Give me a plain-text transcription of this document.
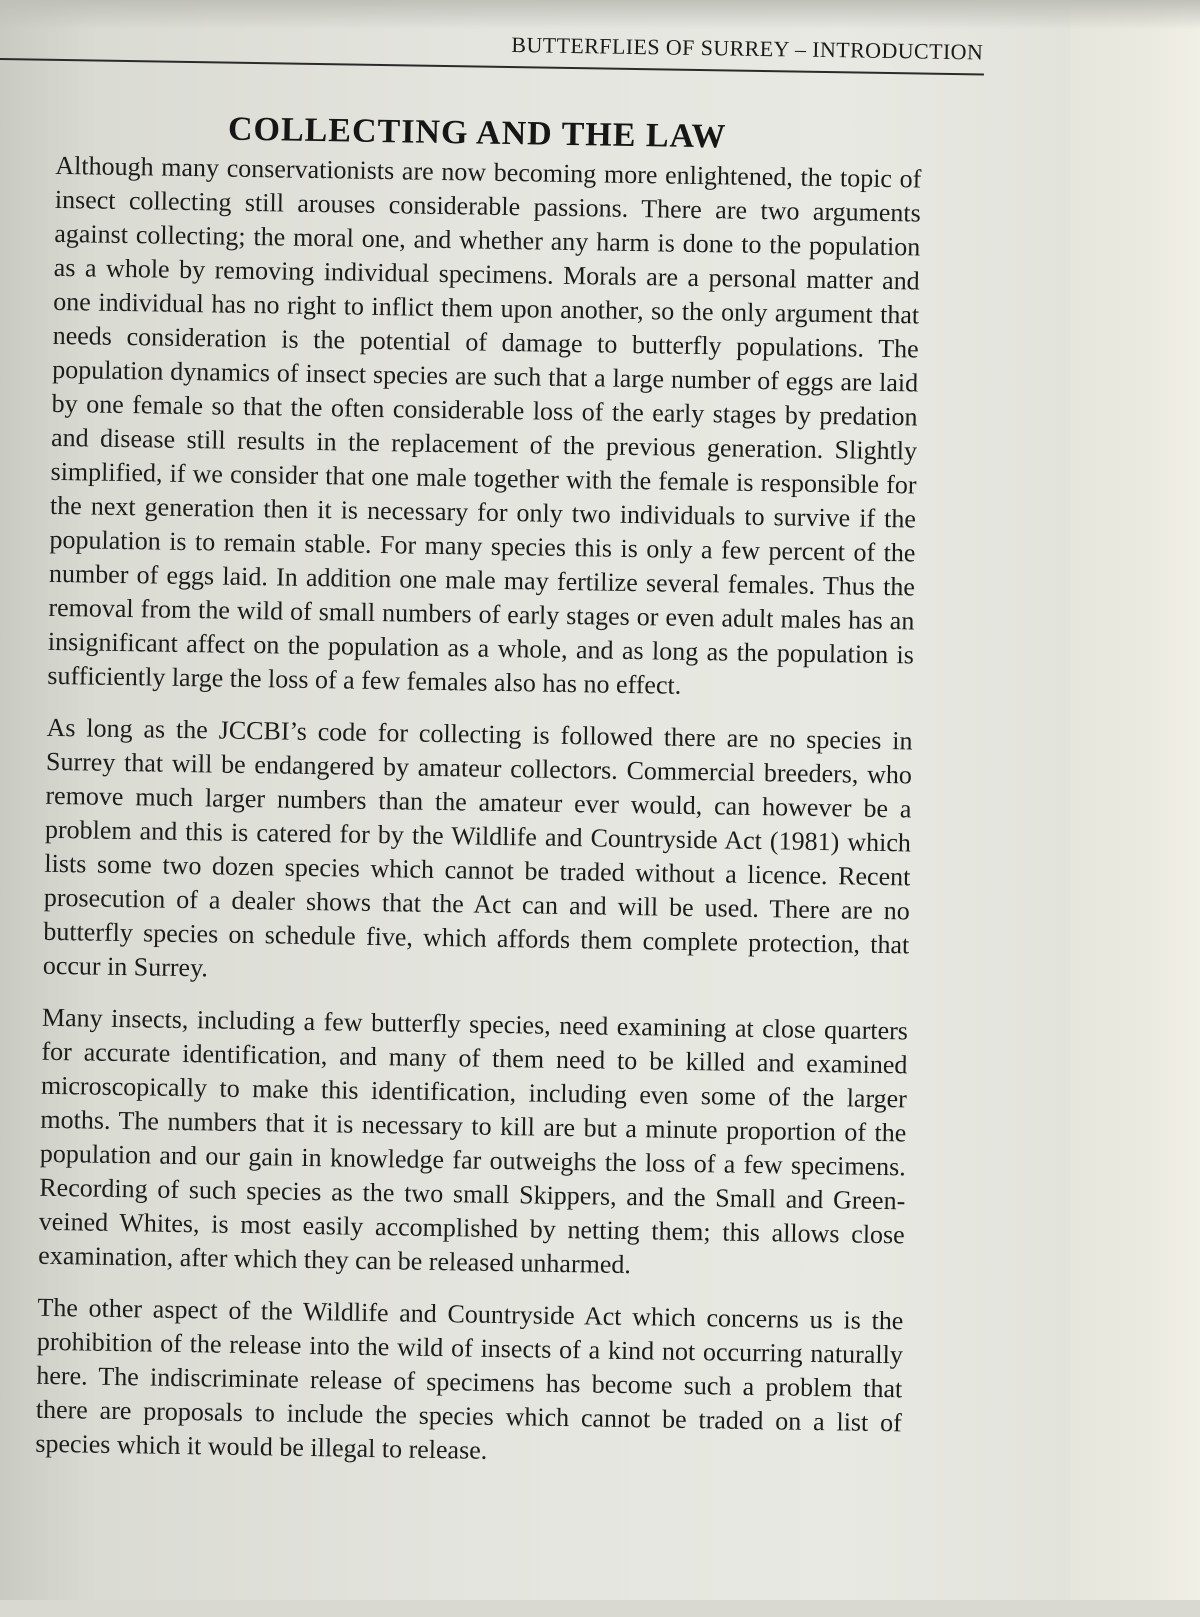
BUTTERFLIES OF SURREY – INTRODUCTION
COLLECTING AND THE LAW

Although many conservationists are now becoming more enlightened, the topic of insect collecting still arouses considerable passions. There are two arguments against collecting; the moral one, and whether any harm is done to the population as a whole by removing individual specimens. Morals are a personal matter and one individual has no right to inflict them upon another, so the only argument that needs consideration is the potential of damage to butterfly populations. The population dynamics of insect species are such that a large number of eggs are laid by one female so that the often considerable loss of the early stages by predation and disease still results in the replacement of the previous generation. Slightly simplified, if we consider that one male together with the female is responsible for the next generation then it is necessary for only two individuals to survive if the population is to remain stable. For many species this is only a few percent of the number of eggs laid. In addition one male may fertilize several females. Thus the removal from the wild of small numbers of early stages or even adult males has an insignificant affect on the population as a whole, and as long as the population is sufficiently large the loss of a few females also has no effect.

As long as the JCCBI’s code for collecting is followed there are no species in Surrey that will be endangered by amateur collectors. Commercial breeders, who remove much larger numbers than the amateur ever would, can however be a problem and this is catered for by the Wildlife and Countryside Act (1981) which lists some two dozen species which cannot be traded without a licence. Recent prosecution of a dealer shows that the Act can and will be used. There are no butterfly species on schedule five, which affords them complete protection, that occur in Surrey.

Many insects, including a few butterfly species, need examining at close quarters for accurate identification, and many of them need to be killed and examined microscopically to make this identification, including even some of the larger moths. The numbers that it is necessary to kill are but a minute proportion of the population and our gain in knowledge far outweighs the loss of a few specimens. Recording of such species as the two small Skippers, and the Small and Green-veined Whites, is most easily accomplished by netting them; this allows close examination, after which they can be released unharmed.

The other aspect of the Wildlife and Countryside Act which concerns us is the prohibition of the release into the wild of insects of a kind not occurring naturally here. The indiscriminate release of specimens has become such a problem that there are proposals to include the species which cannot be traded on a list of species which it would be illegal to release.
